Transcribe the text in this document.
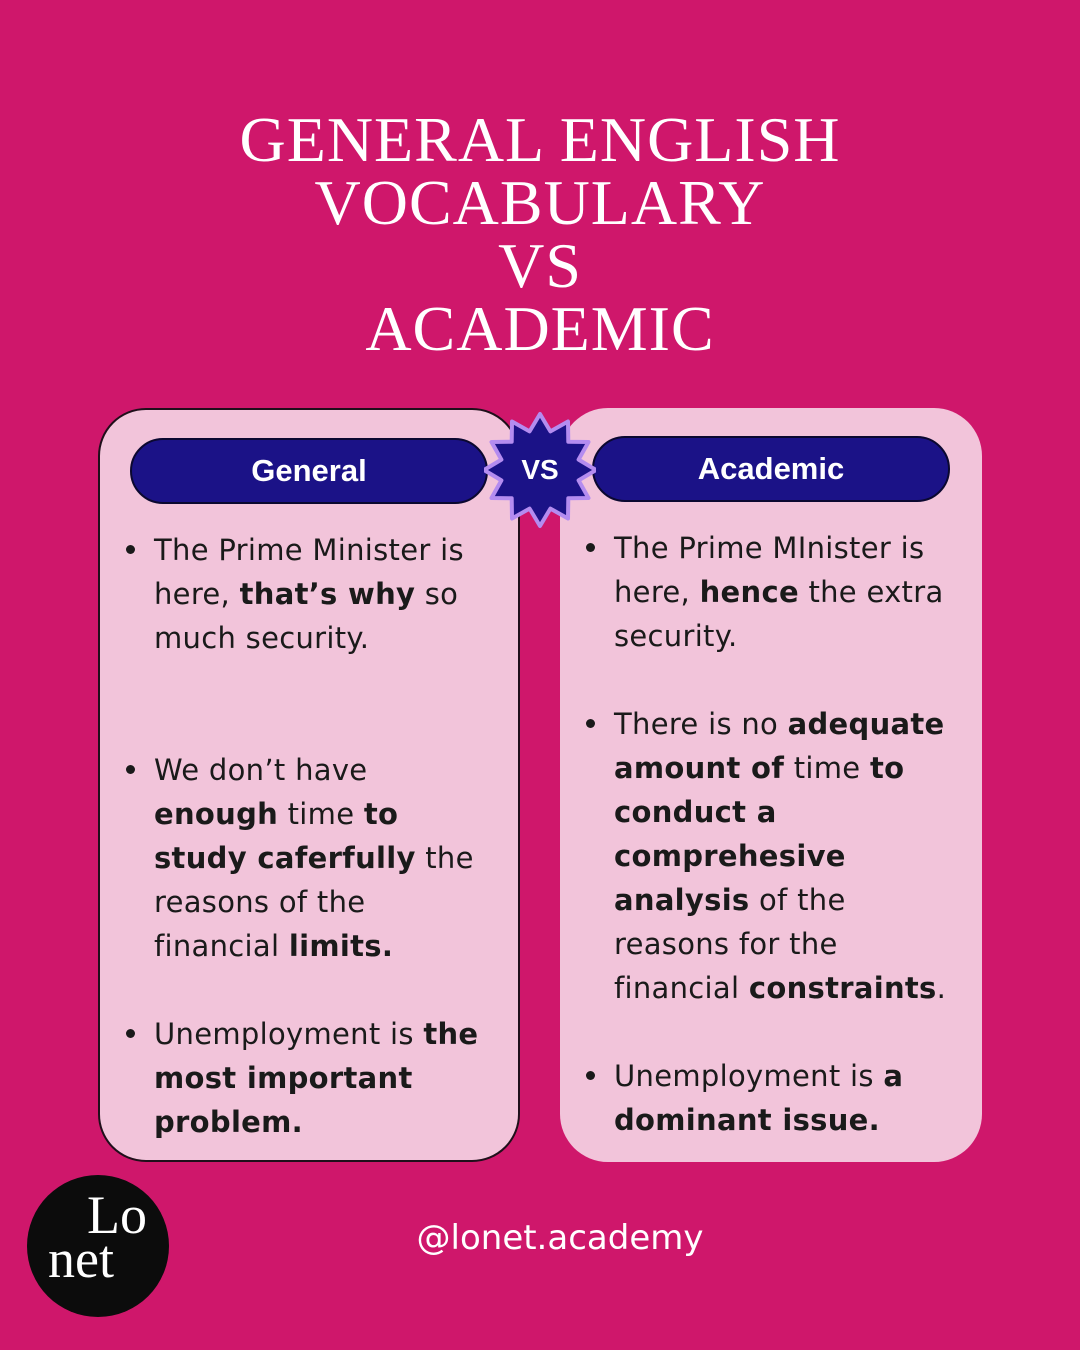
GENERAL ENGLISH
VOCABULARY
VS
ACADEMIC
General
The Prime Minister is here, that’s why so much security.
We don’t have enough time to study caferfully the reasons of the financial limits.
Unemployment is the most important problem.
Academic
The Prime MInister is here, hence the extra security.
There is no adequate amount of time to conduct a comprehesive analysis of the reasons for the financial constraints.
Unemployment is a dominant issue.
VS
Lo
net	@lonet.academy
